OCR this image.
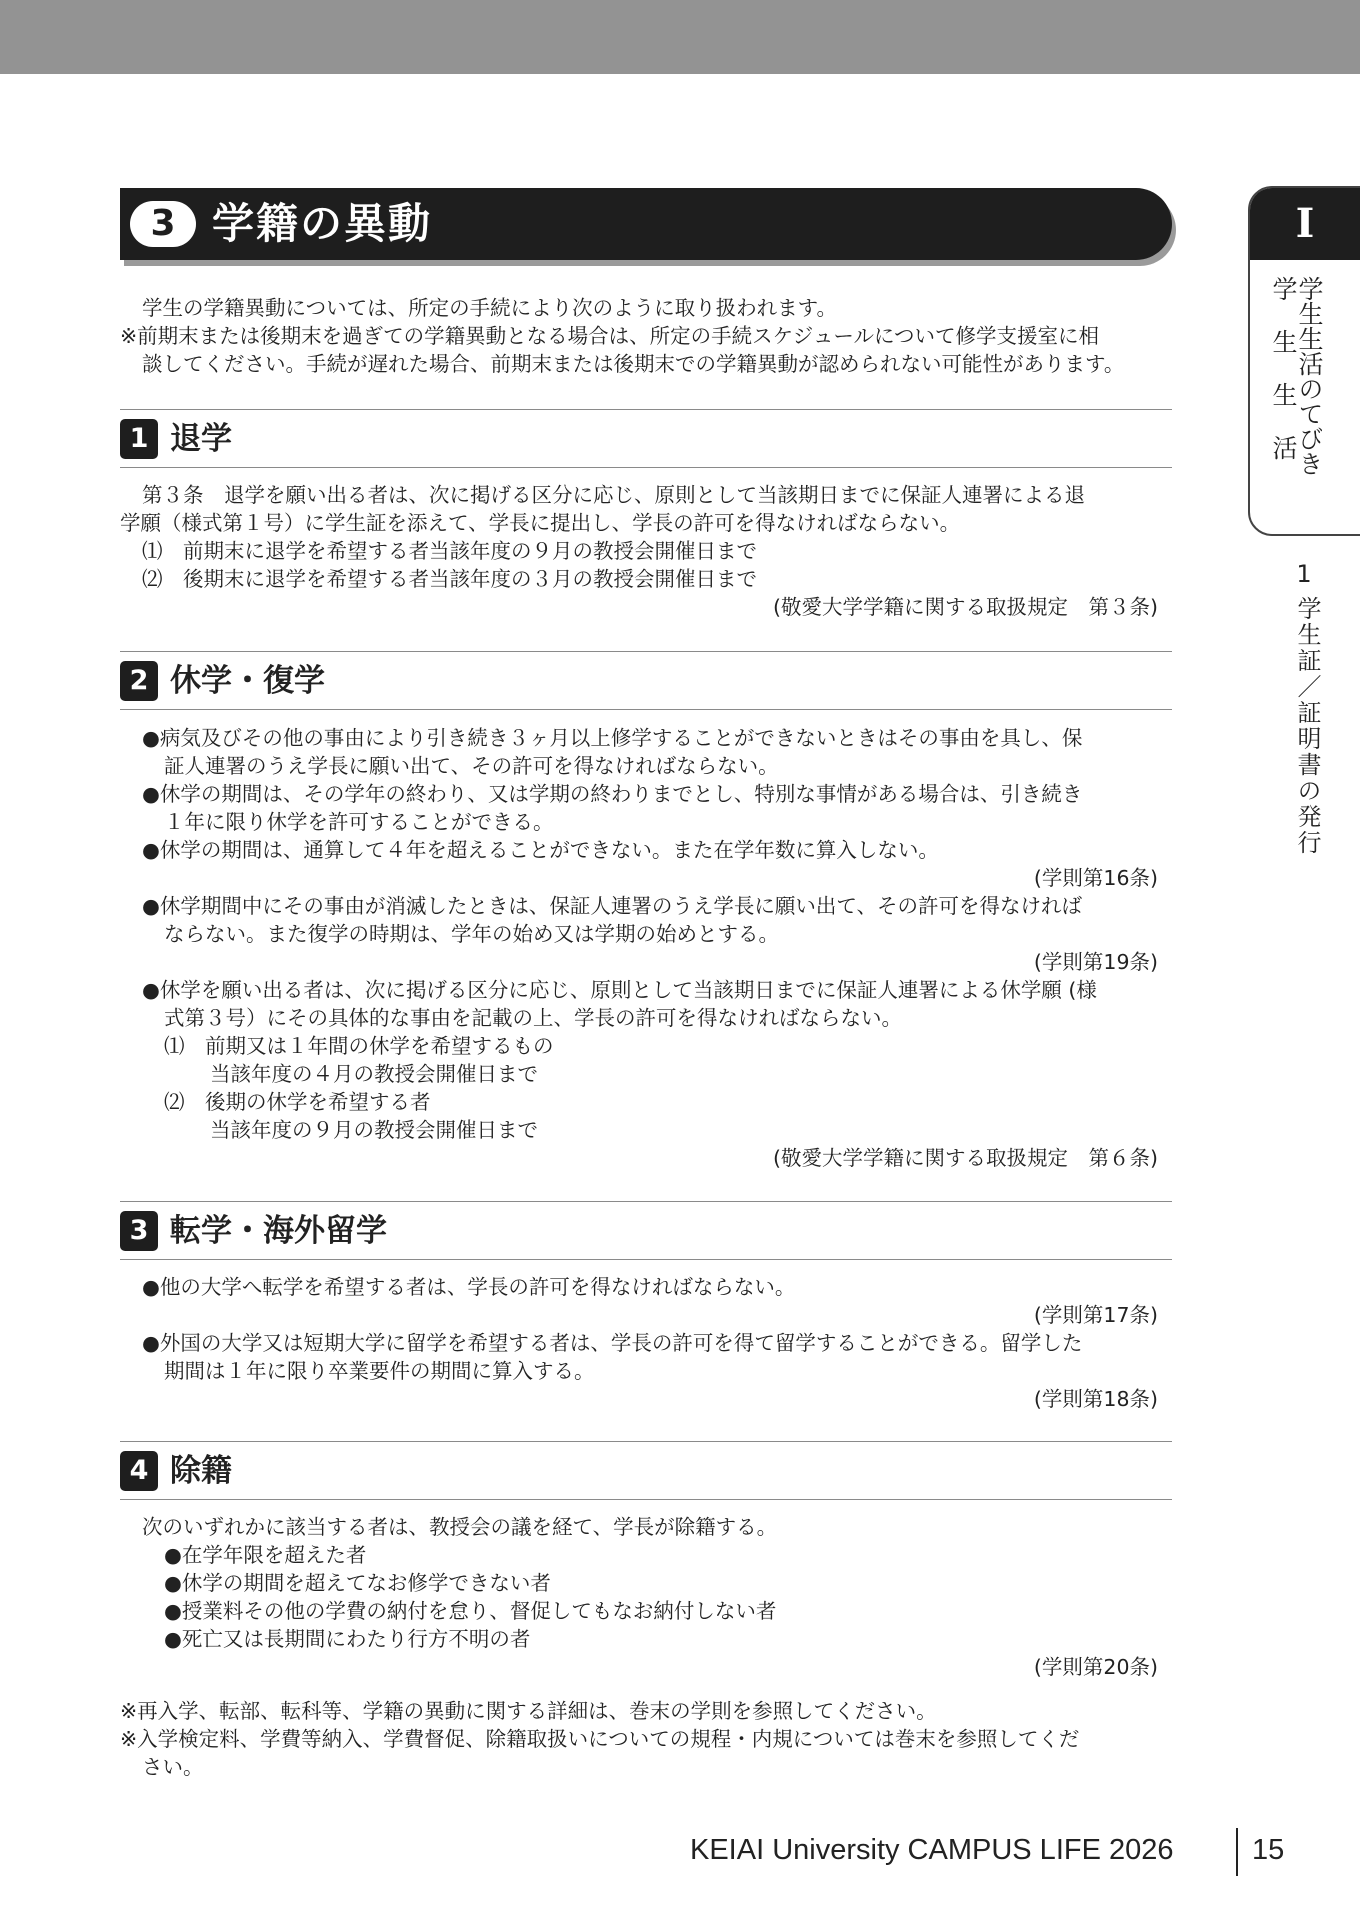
3 学籍の異動
学生の学籍異動については、所定の手続により次のように取り扱われます。
※前期末または後期末を過ぎての学籍異動となる場合は、所定の手続スケジュールについて修学支援室に相
談してください。手続が遅れた場合、前期末または後期末での学籍異動が認められない可能性があります。
1 退学
第３条　退学を願い出る者は、次に掲げる区分に応じ、原則として当該期日までに保証人連署による退
学願（様式第１号）に学生証を添えて、学長に提出し、学長の許可を得なければならない。
⑴　前期末に退学を希望する者当該年度の９月の教授会開催日まで
⑵　後期末に退学を希望する者当該年度の３月の教授会開催日まで
(敬愛大学学籍に関する取扱規定　第３条)
2 休学・復学
●病気及びその他の事由により引き続き３ヶ月以上修学することができないときはその事由を具し、保
証人連署のうえ学長に願い出て、その許可を得なければならない。
●休学の期間は、その学年の終わり、又は学期の終わりまでとし、特別な事情がある場合は、引き続き
１年に限り休学を許可することができる。
●休学の期間は、通算して４年を超えることができない。また在学年数に算入しない。
(学則第16条)
●休学期間中にその事由が消滅したときは、保証人連署のうえ学長に願い出て、その許可を得なければ
ならない。また復学の時期は、学年の始め又は学期の始めとする。
(学則第19条)
●休学を願い出る者は、次に掲げる区分に応じ、原則として当該期日までに保証人連署による休学願 (様
式第３号）にその具体的な事由を記載の上、学長の許可を得なければならない。
⑴　前期又は１年間の休学を希望するもの
当該年度の４月の教授会開催日まで
⑵　後期の休学を希望する者
当該年度の９月の教授会開催日まで
(敬愛大学学籍に関する取扱規定　第６条)
3 転学・海外留学
●他の大学へ転学を希望する者は、学長の許可を得なければならない。
(学則第17条)
●外国の大学又は短期大学に留学を希望する者は、学長の許可を得て留学することができる。留学した
期間は１年に限り卒業要件の期間に算入する。
(学則第18条)
4 除籍
次のいずれかに該当する者は、教授会の議を経て、学長が除籍する。
●在学年限を超えた者
●休学の期間を超えてなお修学できない者
●授業料その他の学費の納付を怠り、督促してもなお納付しない者
●死亡又は長期間にわたり行方不明の者
(学則第20条)
※再入学、転部、転科等、学籍の異動に関する詳細は、巻末の学則を参照してください。
※入学検定料、学費等納入、学費督促、除籍取扱いについての規程・内規については巻末を参照してくだ
さい。
I
学生生活のてびき
学生生活
1
学生証／証明書の発行
KEIAI University CAMPUS LIFE 2026	15
